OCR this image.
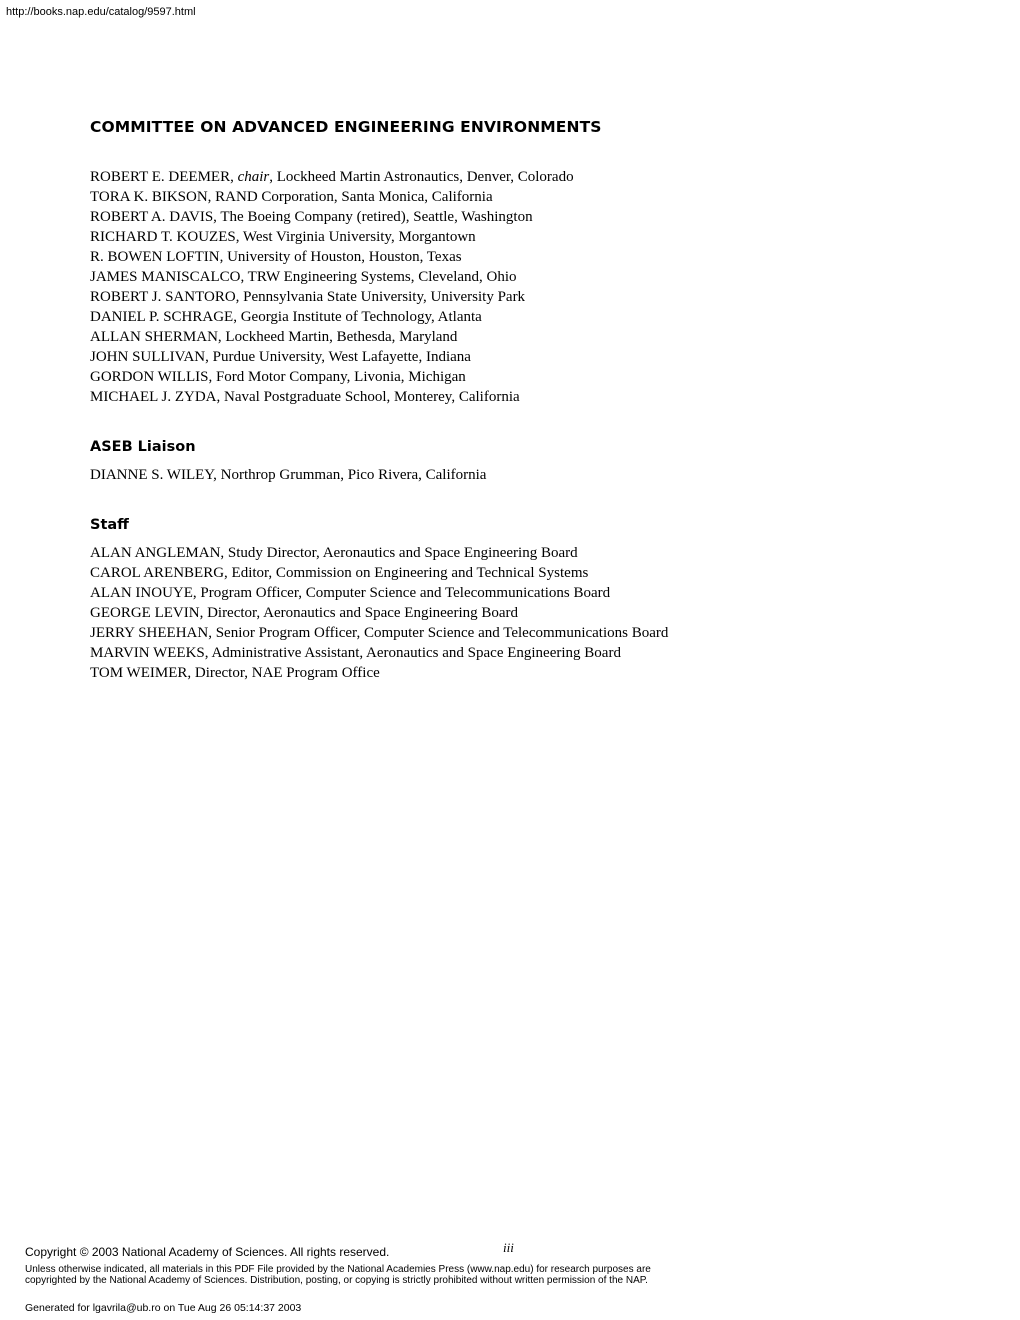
http://books.nap.edu/catalog/9597.html
COMMITTEE ON ADVANCED ENGINEERING ENVIRONMENTS
ROBERT E. DEEMER, chair, Lockheed Martin Astronautics, Denver, Colorado
TORA K. BIKSON, RAND Corporation, Santa Monica, California
ROBERT A. DAVIS, The Boeing Company (retired), Seattle, Washington
RICHARD T. KOUZES, West Virginia University, Morgantown
R. BOWEN LOFTIN, University of Houston, Houston, Texas
JAMES MANISCALCO, TRW Engineering Systems, Cleveland, Ohio
ROBERT J. SANTORO, Pennsylvania State University, University Park
DANIEL P. SCHRAGE, Georgia Institute of Technology, Atlanta
ALLAN SHERMAN, Lockheed Martin, Bethesda, Maryland
JOHN SULLIVAN, Purdue University, West Lafayette, Indiana
GORDON WILLIS, Ford Motor Company, Livonia, Michigan
MICHAEL J. ZYDA, Naval Postgraduate School, Monterey, California
ASEB Liaison
DIANNE S. WILEY, Northrop Grumman, Pico Rivera, California
Staff
ALAN ANGLEMAN, Study Director, Aeronautics and Space Engineering Board
CAROL ARENBERG, Editor, Commission on Engineering and Technical Systems
ALAN INOUYE, Program Officer, Computer Science and Telecommunications Board
GEORGE LEVIN, Director, Aeronautics and Space Engineering Board
JERRY SHEEHAN, Senior Program Officer, Computer Science and Telecommunications Board
MARVIN WEEKS, Administrative Assistant, Aeronautics and Space Engineering Board
TOM WEIMER, Director, NAE Program Office
Copyright © 2003 National Academy of Sciences. All rights reserved.	iii
Unless otherwise indicated, all materials in this PDF File provided by the National Academies Press (www.nap.edu) for research purposes are copyrighted by the National Academy of Sciences. Distribution, posting, or copying is strictly prohibited without written permission of the NAP.
Generated for lgavrila@ub.ro on Tue Aug 26 05:14:37 2003
